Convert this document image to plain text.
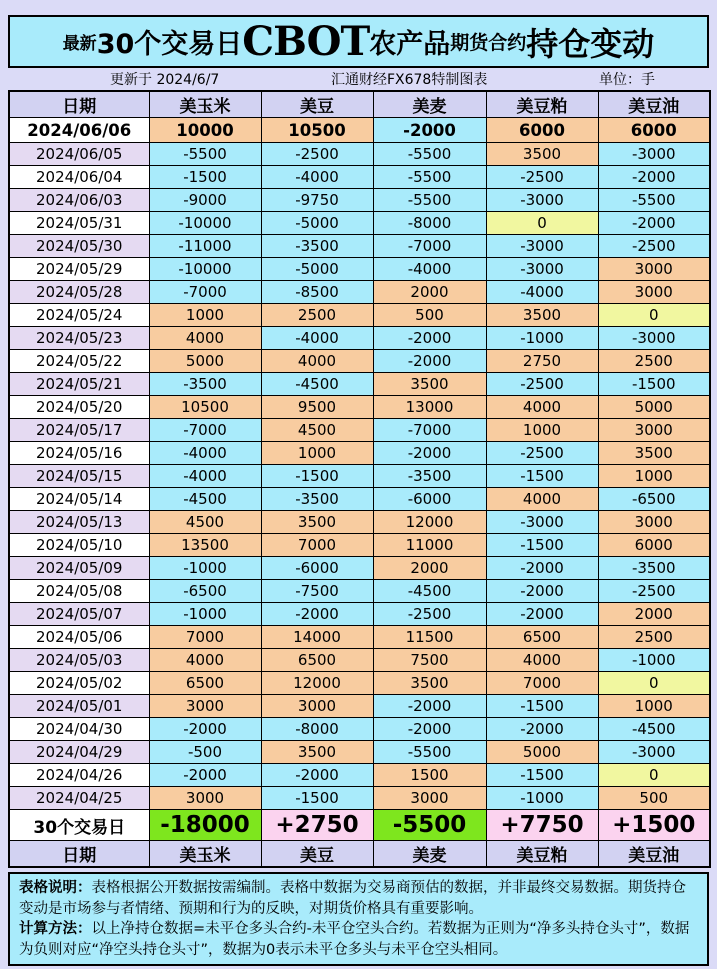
最新 30个交易日 CBOT 农产品 期货 合约 持仓变动
更新于 2024/6/7	汇通财经FX678特制图表	单位：手
日期	美玉米	美豆	美麦	美豆粕	美豆油
2024/06/06	10000	10500	-2000	6000	6000
2024/06/05	-5500	-2500	-5500	3500	-3000
2024/06/04	-1500	-4000	-5500	-2500	-2000
2024/06/03	-9000	-9750	-5500	-3000	-5500
2024/05/31	-10000	-5000	-8000	0	-2000
2024/05/30	-11000	-3500	-7000	-3000	-2500
2024/05/29	-10000	-5000	-4000	-3000	3000
2024/05/28	-7000	-8500	2000	-4000	3000
2024/05/24	1000	2500	500	3500	0
2024/05/23	4000	-4000	-2000	-1000	-3000
2024/05/22	5000	4000	-2000	2750	2500
2024/05/21	-3500	-4500	3500	-2500	-1500
2024/05/20	10500	9500	13000	4000	5000
2024/05/17	-7000	4500	-7000	1000	3000
2024/05/16	-4000	1000	-2000	-2500	3500
2024/05/15	-4000	-1500	-3500	-1500	1000
2024/05/14	-4500	-3500	-6000	4000	-6500
2024/05/13	4500	3500	12000	-3000	3000
2024/05/10	13500	7000	11000	-1500	6000
2024/05/09	-1000	-6000	2000	-2000	-3500
2024/05/08	-6500	-7500	-4500	-2000	-2500
2024/05/07	-1000	-2000	-2500	-2000	2000
2024/05/06	7000	14000	11500	6500	2500
2024/05/03	4000	6500	7500	4000	-1000
2024/05/02	6500	12000	3500	7000	0
2024/05/01	3000	3000	-2000	-1500	1000
2024/04/30	-2000	-8000	-2000	-2000	-4500
2024/04/29	-500	3500	-5500	5000	-3000
2024/04/26	-2000	-2000	1500	-1500	0
2024/04/25	3000	-1500	3000	-1000	500
30个交易日	-18000	+2750	-5500	+7750	+1500
日期	美玉米	美豆	美麦	美豆粕	美豆油

表格说明：表格根据公开数据按需编制。表格中数据为交易商预估的数据，并非最终交易数据。期货持仓变动是市场参与者情绪、预期和行为的反映，对期货价格具有重要影响。

计算方法：以上净持仓数据=未平仓多头合约-未平仓空头合约。若数据为正则为“净多头持仓头寸”，数据为负则对应“净空头持仓头寸”，数据为0表示未平仓多头与未平仓空头相同。
